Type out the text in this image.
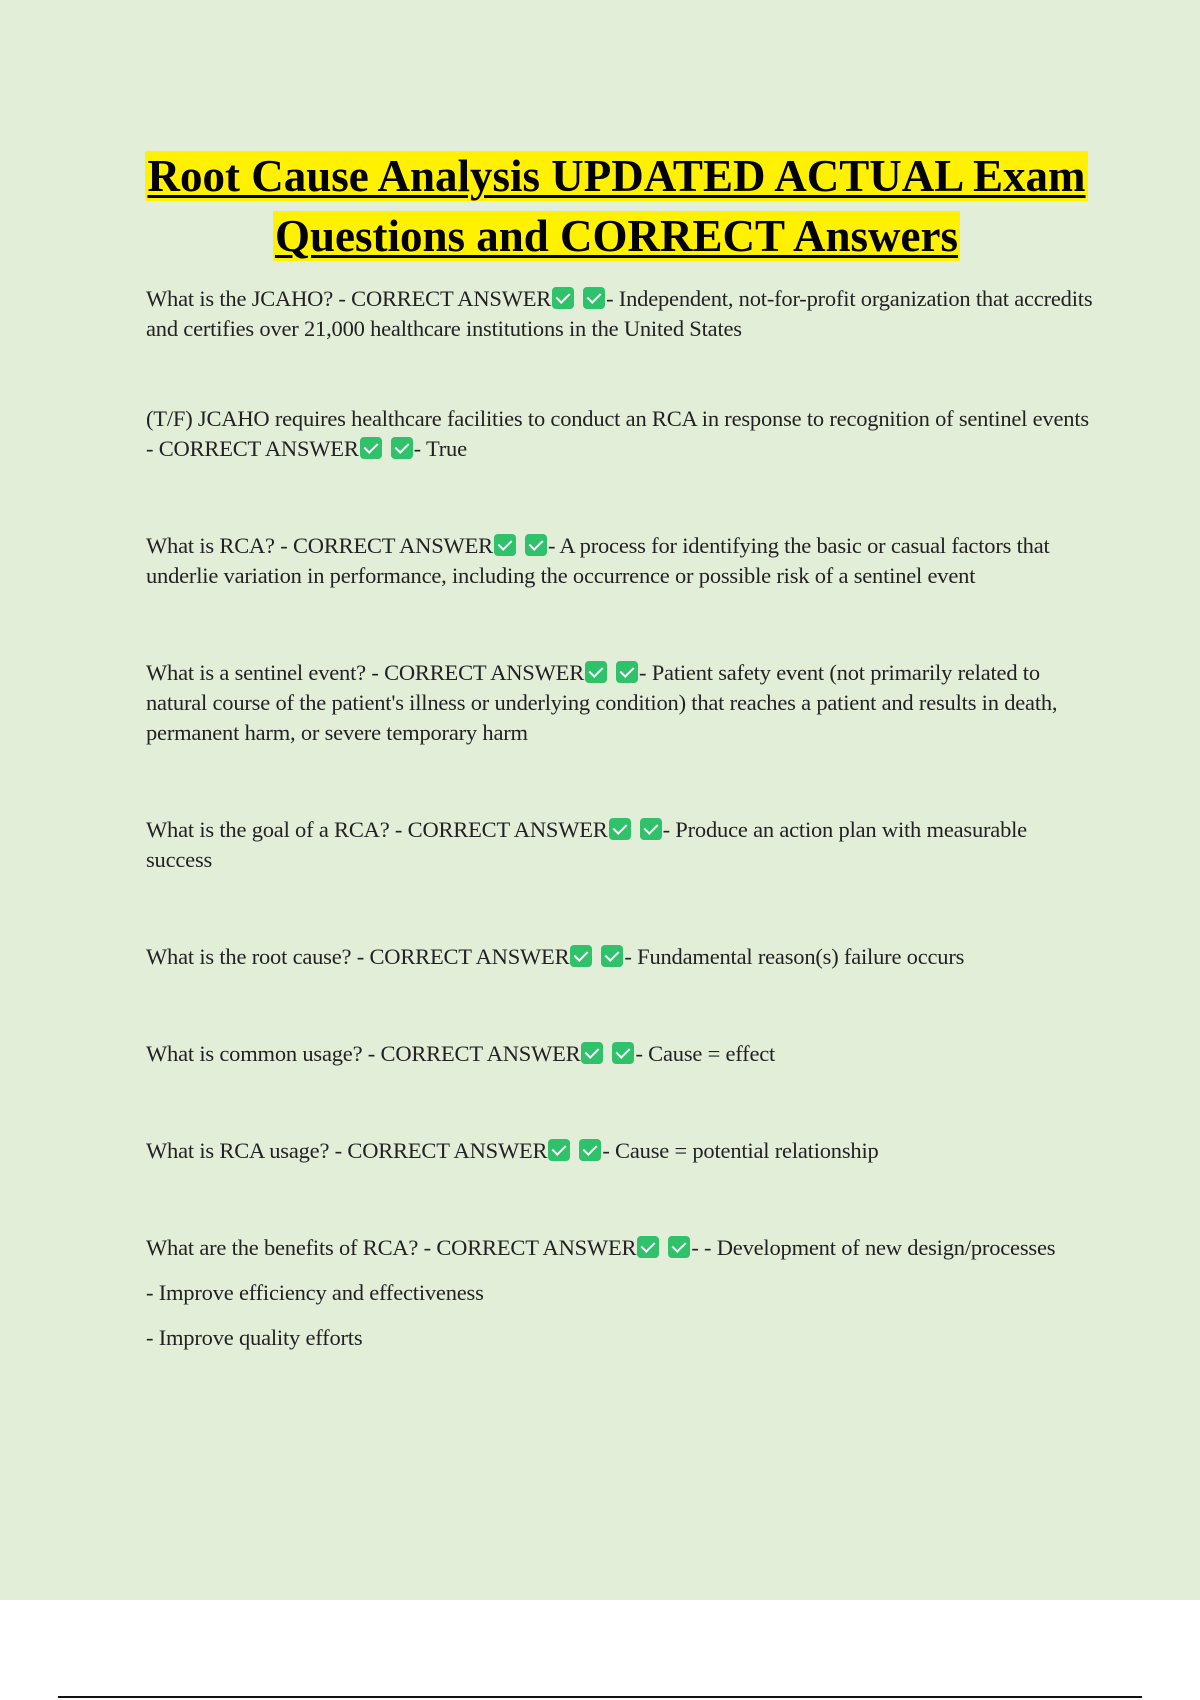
Root Cause Analysis UPDATED ACTUAL Exam Questions and CORRECT Answers

What is the JCAHO? - CORRECT ANSWER - Independent, not-for-profit organization that accredits and certifies over 21,000 healthcare institutions in the United States

(T/F) JCAHO requires healthcare facilities to conduct an RCA in response to recognition of sentinel events - CORRECT ANSWER - True

What is RCA? - CORRECT ANSWER - A process for identifying the basic or casual factors that underlie variation in performance, including the occurrence or possible risk of a sentinel event

What is a sentinel event? - CORRECT ANSWER - Patient safety event (not primarily related to natural course of the patient's illness or underlying condition) that reaches a patient and results in death, permanent harm, or severe temporary harm

What is the goal of a RCA? - CORRECT ANSWER - Produce an action plan with measurable success

What is the root cause? - CORRECT ANSWER - Fundamental reason(s) failure occurs

What is common usage? - CORRECT ANSWER - Cause = effect

What is RCA usage? - CORRECT ANSWER - Cause = potential relationship

What are the benefits of RCA? - CORRECT ANSWER - - Development of new design/processes
- Improve efficiency and effectiveness
- Improve quality efforts
